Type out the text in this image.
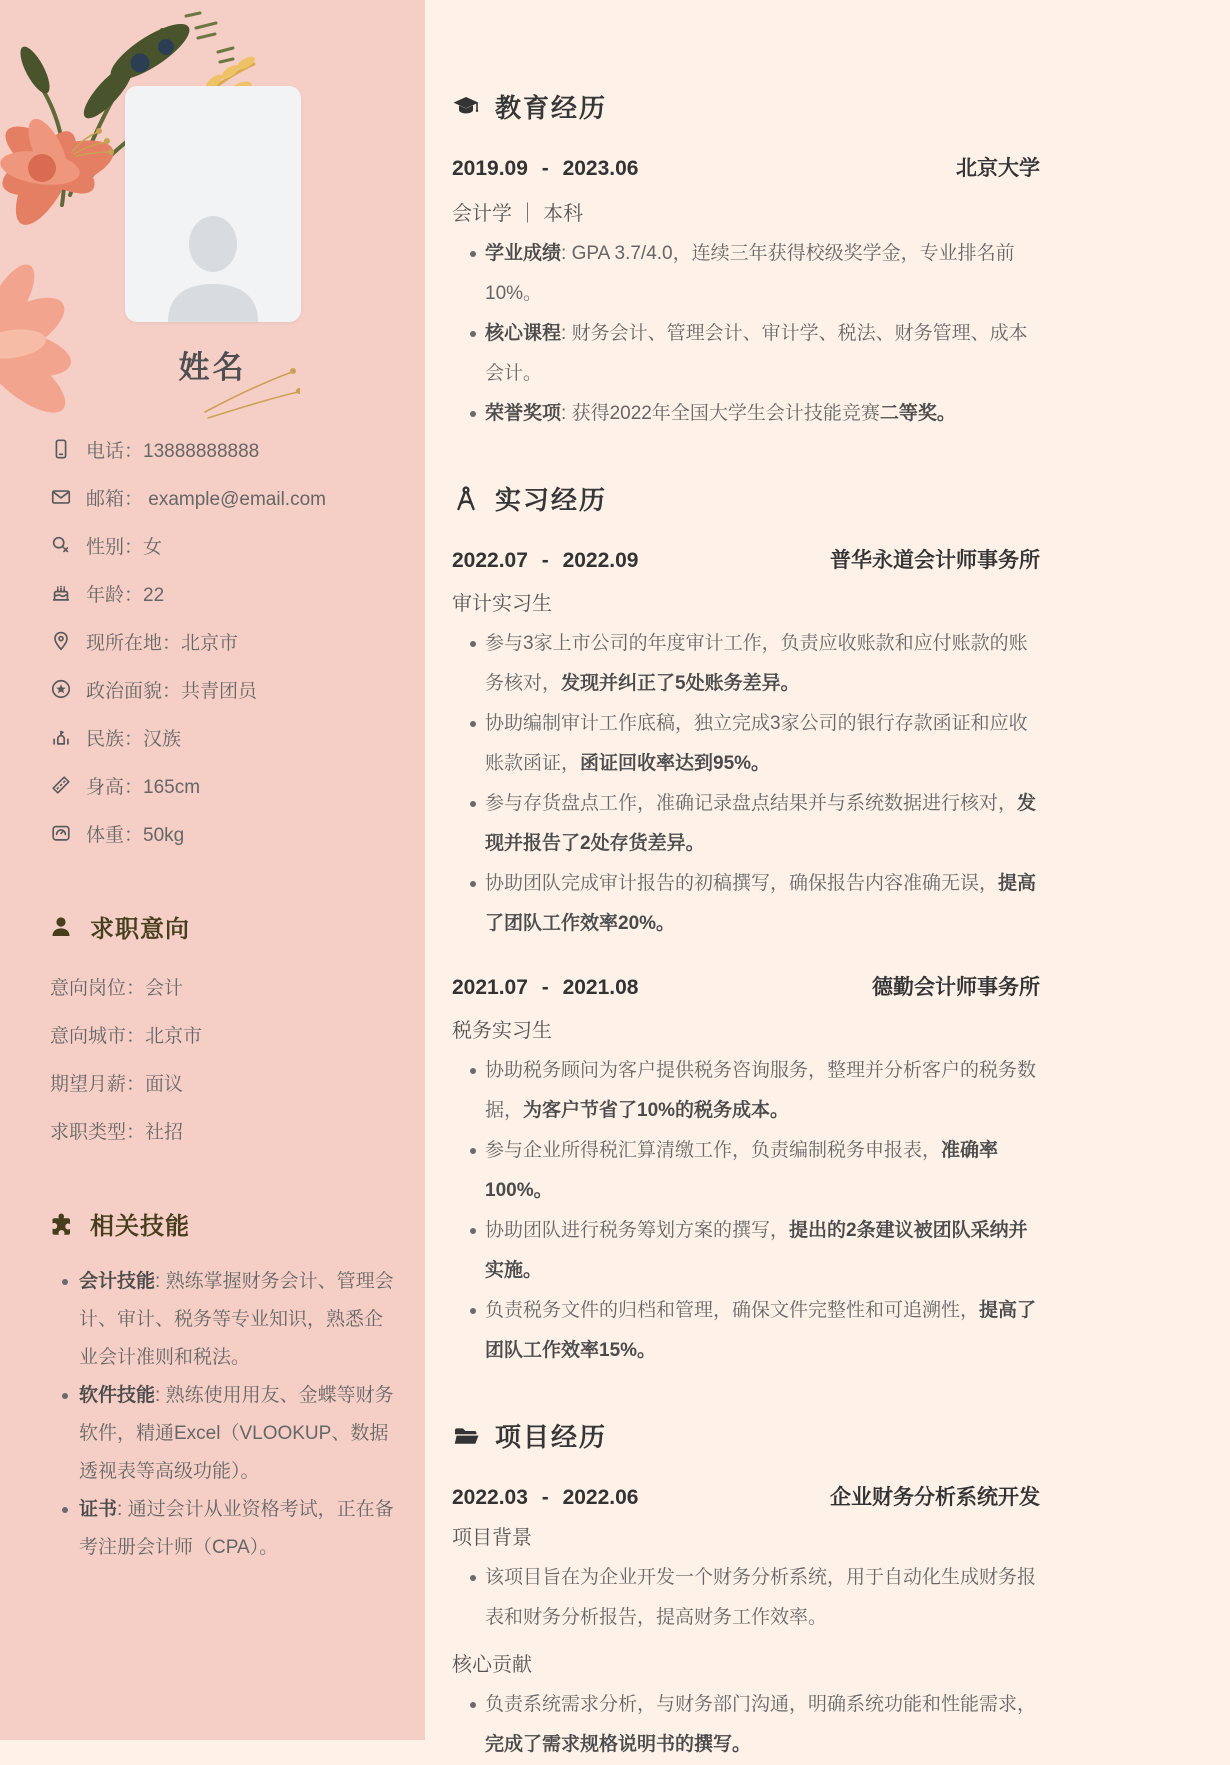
姓名
电话：13888888888
邮箱： example@email.com
性别：女
年龄：22
现所在地：北京市
政治面貌：共青团员
民族：汉族
身高：165cm
体重：50kg
求职意向
意向岗位：会计
意向城市：北京市
期望月薪：面议
求职类型：社招
相关技能
会计技能: 熟练掌握财务会计、管理会计、审计、税务等专业知识，熟悉企业会计准则和税法。
软件技能: 熟练使用用友、金蝶等财务软件，精通Excel（VLOOKUP、数据透视表等高级功能）。
证书: 通过会计从业资格考试，正在备考注册会计师（CPA）。
教育经历
2019.09 - 2023.06	北京大学
会计学 ｜ 本科
学业成绩: GPA 3.7/4.0，连续三年获得校级奖学金，专业排名前10%。
核心课程: 财务会计、管理会计、审计学、税法、财务管理、成本会计。
荣誉奖项: 获得2022年全国大学生会计技能竞赛二等奖。
实习经历
2022.07 - 2022.09	普华永道会计师事务所
审计实习生
参与3家上市公司的年度审计工作，负责应收账款和应付账款的账务核对，发现并纠正了5处账务差异。
协助编制审计工作底稿，独立完成3家公司的银行存款函证和应收账款函证，函证回收率达到95%。
参与存货盘点工作，准确记录盘点结果并与系统数据进行核对，发现并报告了2处存货差异。
协助团队完成审计报告的初稿撰写，确保报告内容准确无误，提高了团队工作效率20%。
2021.07 - 2021.08	德勤会计师事务所
税务实习生
协助税务顾问为客户提供税务咨询服务，整理并分析客户的税务数据，为客户节省了10%的税务成本。
参与企业所得税汇算清缴工作，负责编制税务申报表，准确率100%。
协助团队进行税务筹划方案的撰写，提出的2条建议被团队采纳并实施。
负责税务文件的归档和管理，确保文件完整性和可追溯性，提高了团队工作效率15%。
项目经历
2022.03 - 2022.06	企业财务分析系统开发
项目背景
该项目旨在为企业开发一个财务分析系统，用于自动化生成财务报表和财务分析报告，提高财务工作效率。
核心贡献
负责系统需求分析，与财务部门沟通，明确系统功能和性能需求，完成了需求规格说明书的撰写。
